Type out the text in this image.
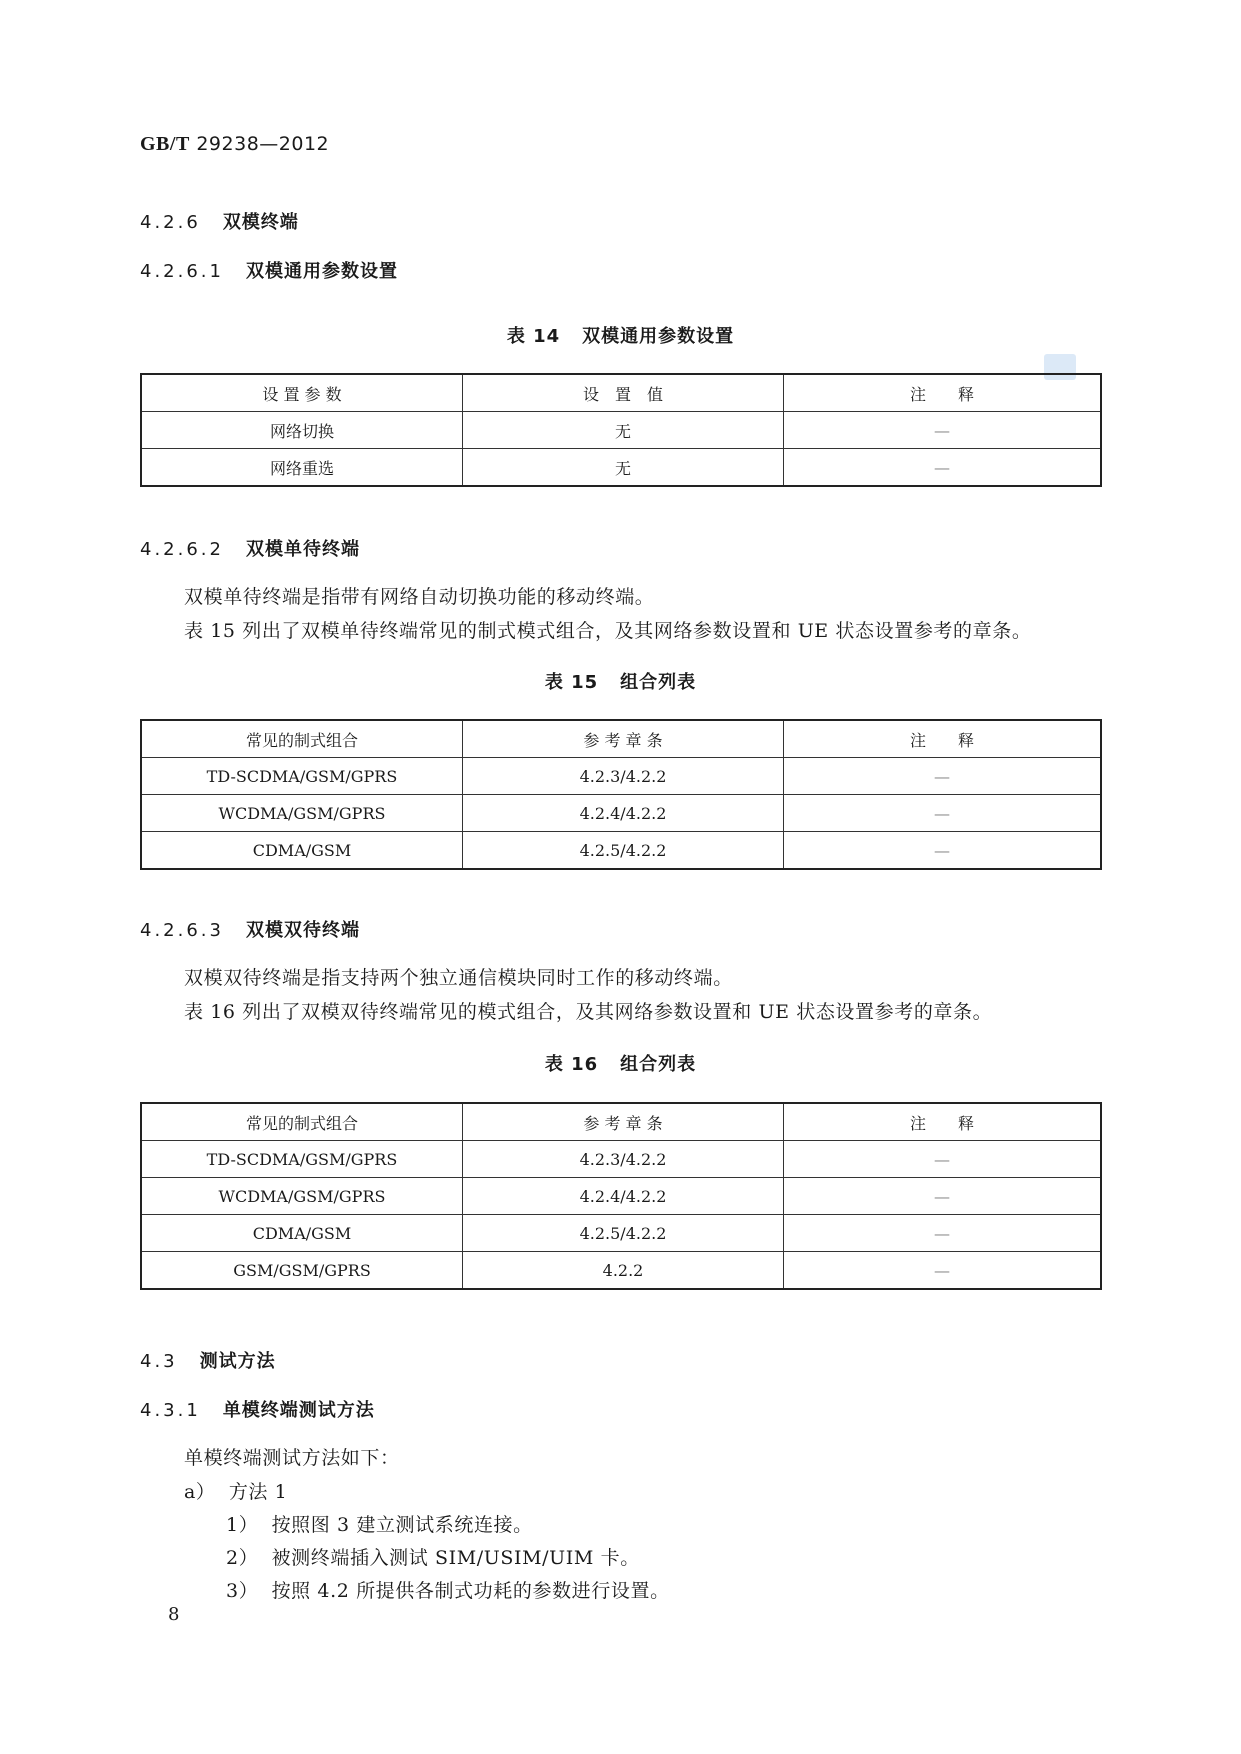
GB/T 29238—2012
4.2.6 双模终端
4.2.6.1 双模通用参数设置
表 14 双模通用参数设置
设 置 参 数	设　置　值	注　　释
网络切换	无	—
网络重选	无	—
4.2.6.2 双模单待终端
双模单待终端是指带有网络自动切换功能的移动终端。
表 15 列出了双模单待终端常见的制式模式组合，及其网络参数设置和 UE 状态设置参考的章条。
表 15 组合列表
常见的制式组合	参 考 章 条	注　　释
TD-SCDMA/GSM/GPRS	4.2.3/4.2.2	—
WCDMA/GSM/GPRS	4.2.4/4.2.2	—
CDMA/GSM	4.2.5/4.2.2	—
4.2.6.3 双模双待终端
双模双待终端是指支持两个独立通信模块同时工作的移动终端。
表 16 列出了双模双待终端常见的模式组合，及其网络参数设置和 UE 状态设置参考的章条。
表 16 组合列表
常见的制式组合	参 考 章 条	注　　释
TD-SCDMA/GSM/GPRS	4.2.3/4.2.2	—
WCDMA/GSM/GPRS	4.2.4/4.2.2	—
CDMA/GSM	4.2.5/4.2.2	—
GSM/GSM/GPRS	4.2.2	—
4.3 测试方法
4.3.1 单模终端测试方法
单模终端测试方法如下：
a） 方法 1
1） 按照图 3 建立测试系统连接。
2） 被测终端插入测试 SIM/USIM/UIM 卡。
3） 按照 4.2 所提供各制式功耗的参数进行设置。
8
